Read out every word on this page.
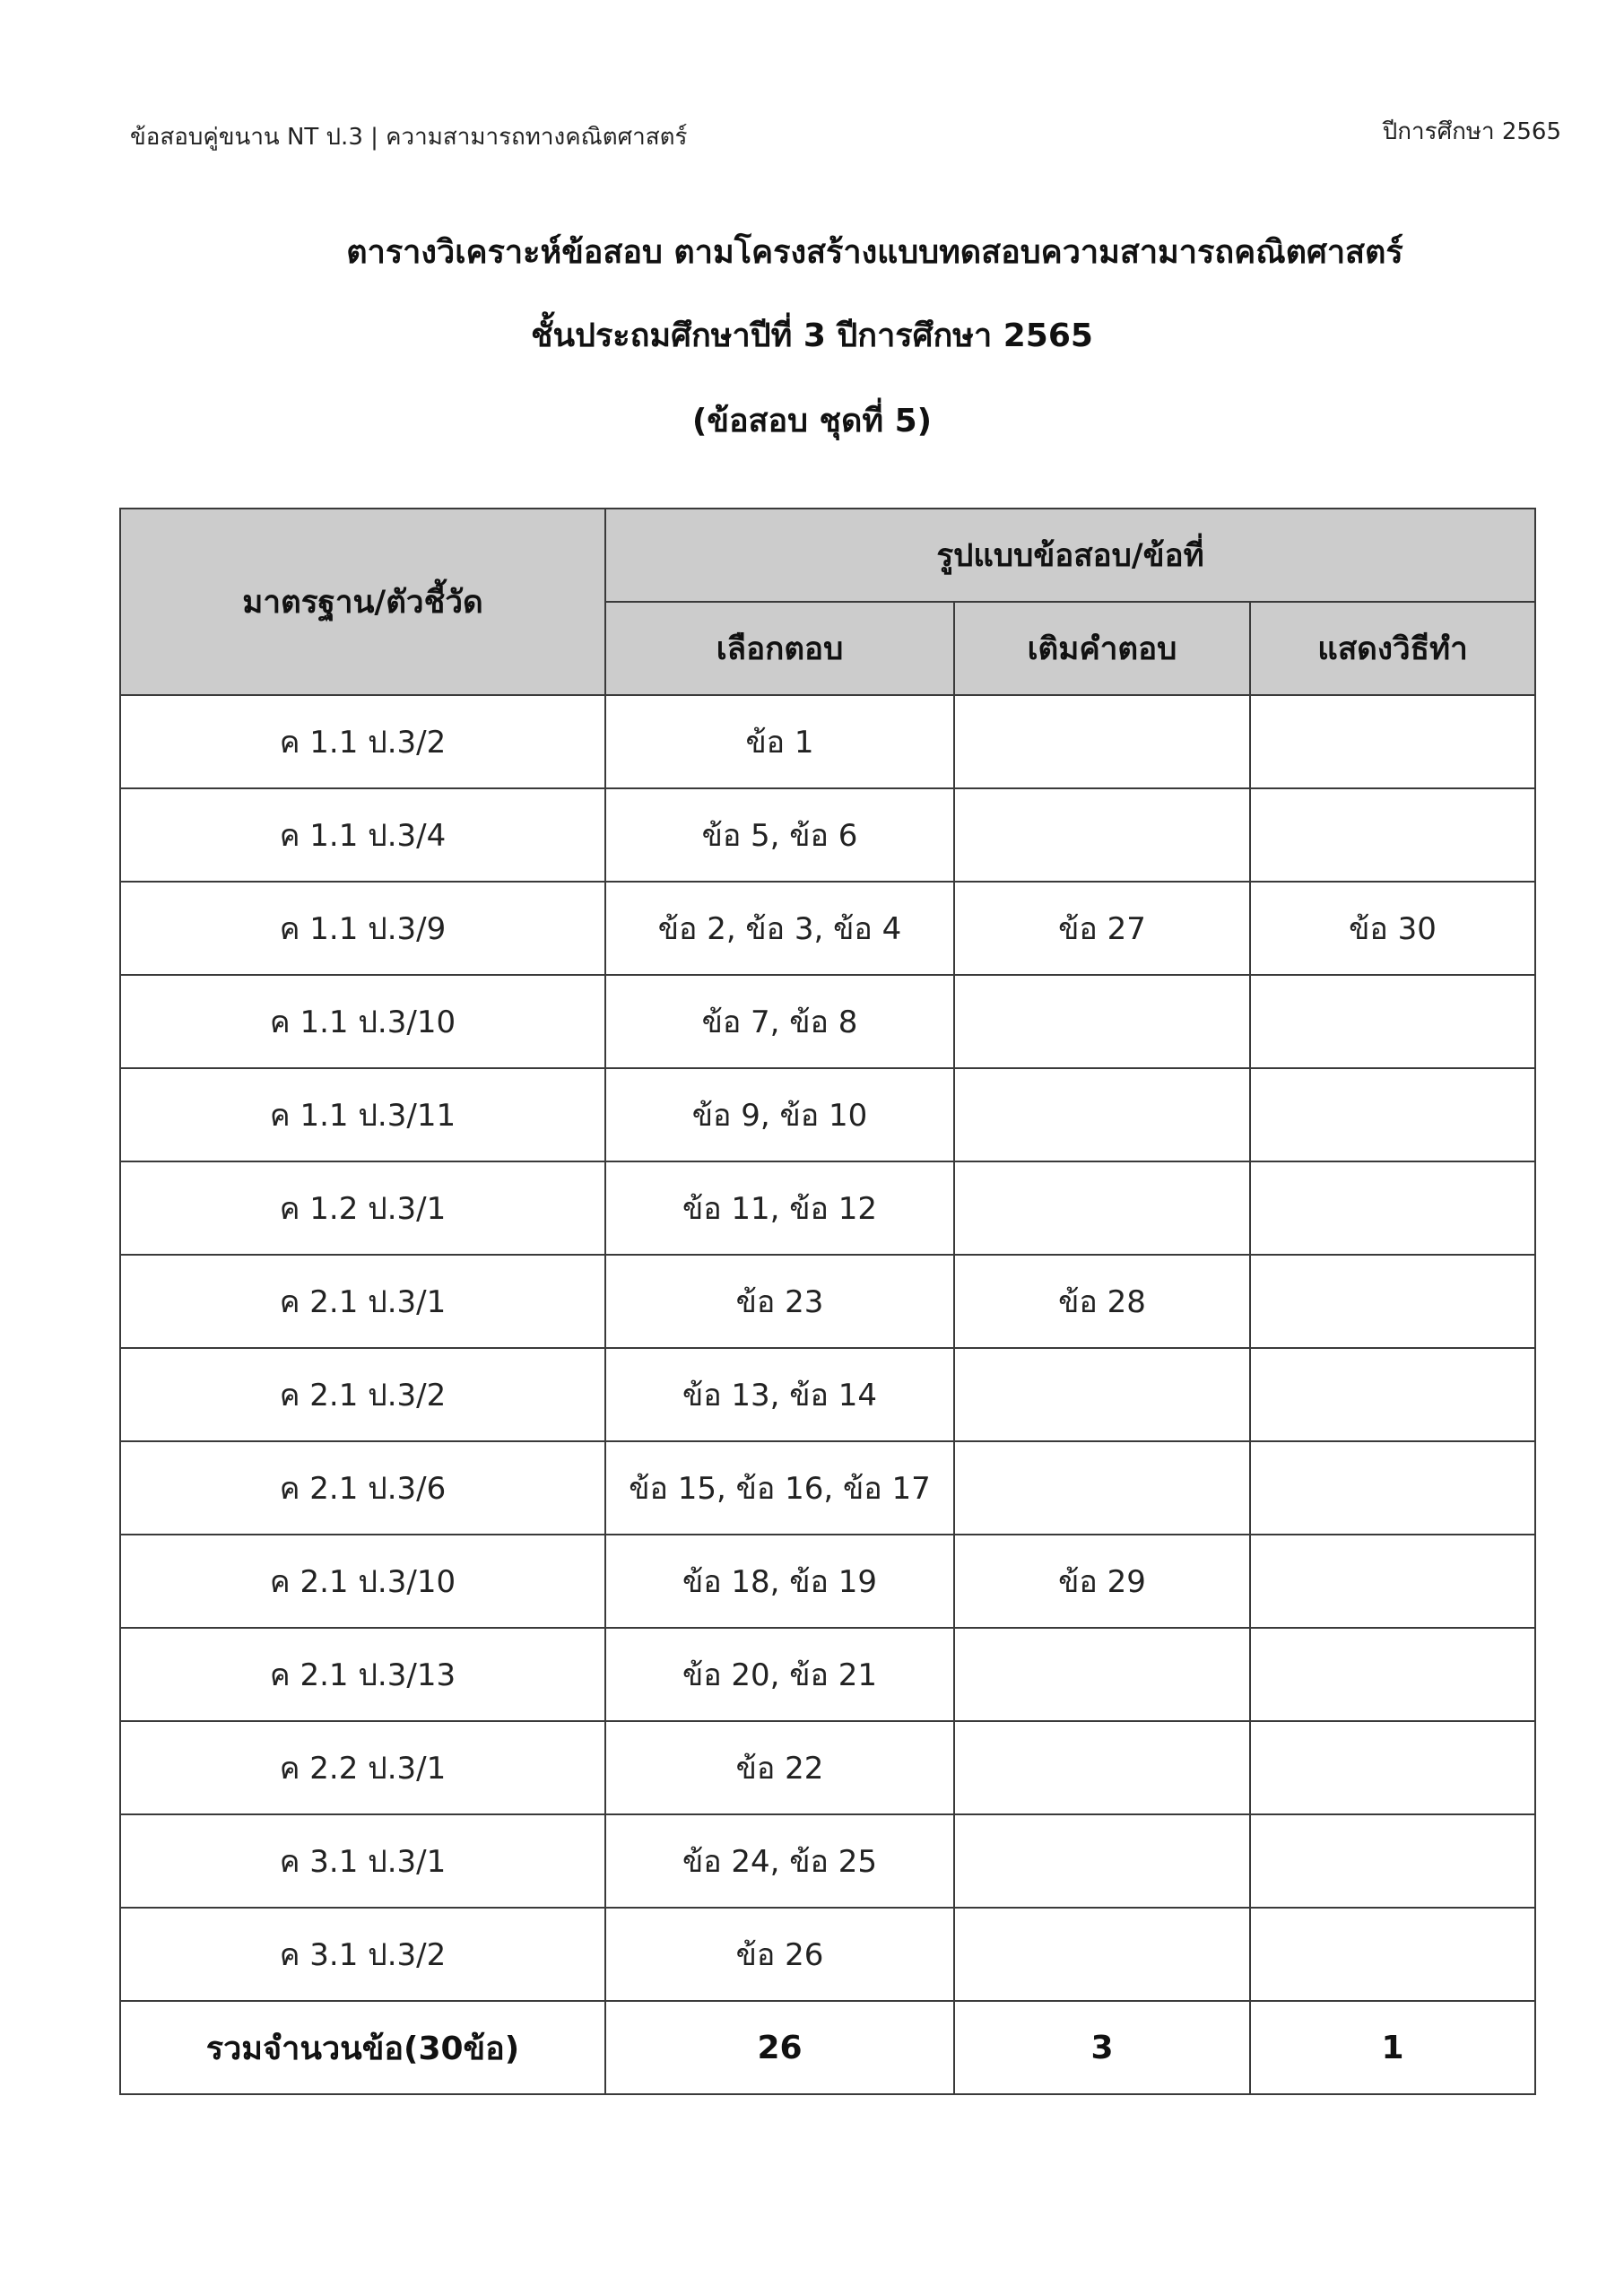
ข้อสอบคู่ขนาน NT ป.3 | ความสามารถทางคณิตศาสตร์	ปีการศึกษา 2565
ตารางวิเคราะห์ข้อสอบ ตามโครงสร้างแบบทดสอบความสามารถคณิตศาสตร์
ชั้นประถมศึกษาปีที่ 3 ปีการศึกษา 2565
(ข้อสอบ ชุดที่ 5)
มาตรฐาน/ตัวชี้วัด	รูปแบบข้อสอบ/ข้อที่		
	เลือกตอบ	เติมคำตอบ	แสดงวิธีทำ
ค 1.1 ป.3/2	ข้อ 1		
ค 1.1 ป.3/4	ข้อ 5, ข้อ 6		
ค 1.1 ป.3/9	ข้อ 2, ข้อ 3, ข้อ 4	ข้อ 27	ข้อ 30
ค 1.1 ป.3/10	ข้อ 7, ข้อ 8		
ค 1.1 ป.3/11	ข้อ 9, ข้อ 10		
ค 1.2 ป.3/1	ข้อ 11, ข้อ 12		
ค 2.1 ป.3/1	ข้อ 23	ข้อ 28	
ค 2.1 ป.3/2	ข้อ 13, ข้อ 14		
ค 2.1 ป.3/6	ข้อ 15, ข้อ 16, ข้อ 17		
ค 2.1 ป.3/10	ข้อ 18, ข้อ 19	ข้อ 29	
ค 2.1 ป.3/13	ข้อ 20, ข้อ 21		
ค 2.2 ป.3/1	ข้อ 22		
ค 3.1 ป.3/1	ข้อ 24, ข้อ 25		
ค 3.1 ป.3/2	ข้อ 26		
รวมจำนวนข้อ(30ข้อ)	26	3	1
